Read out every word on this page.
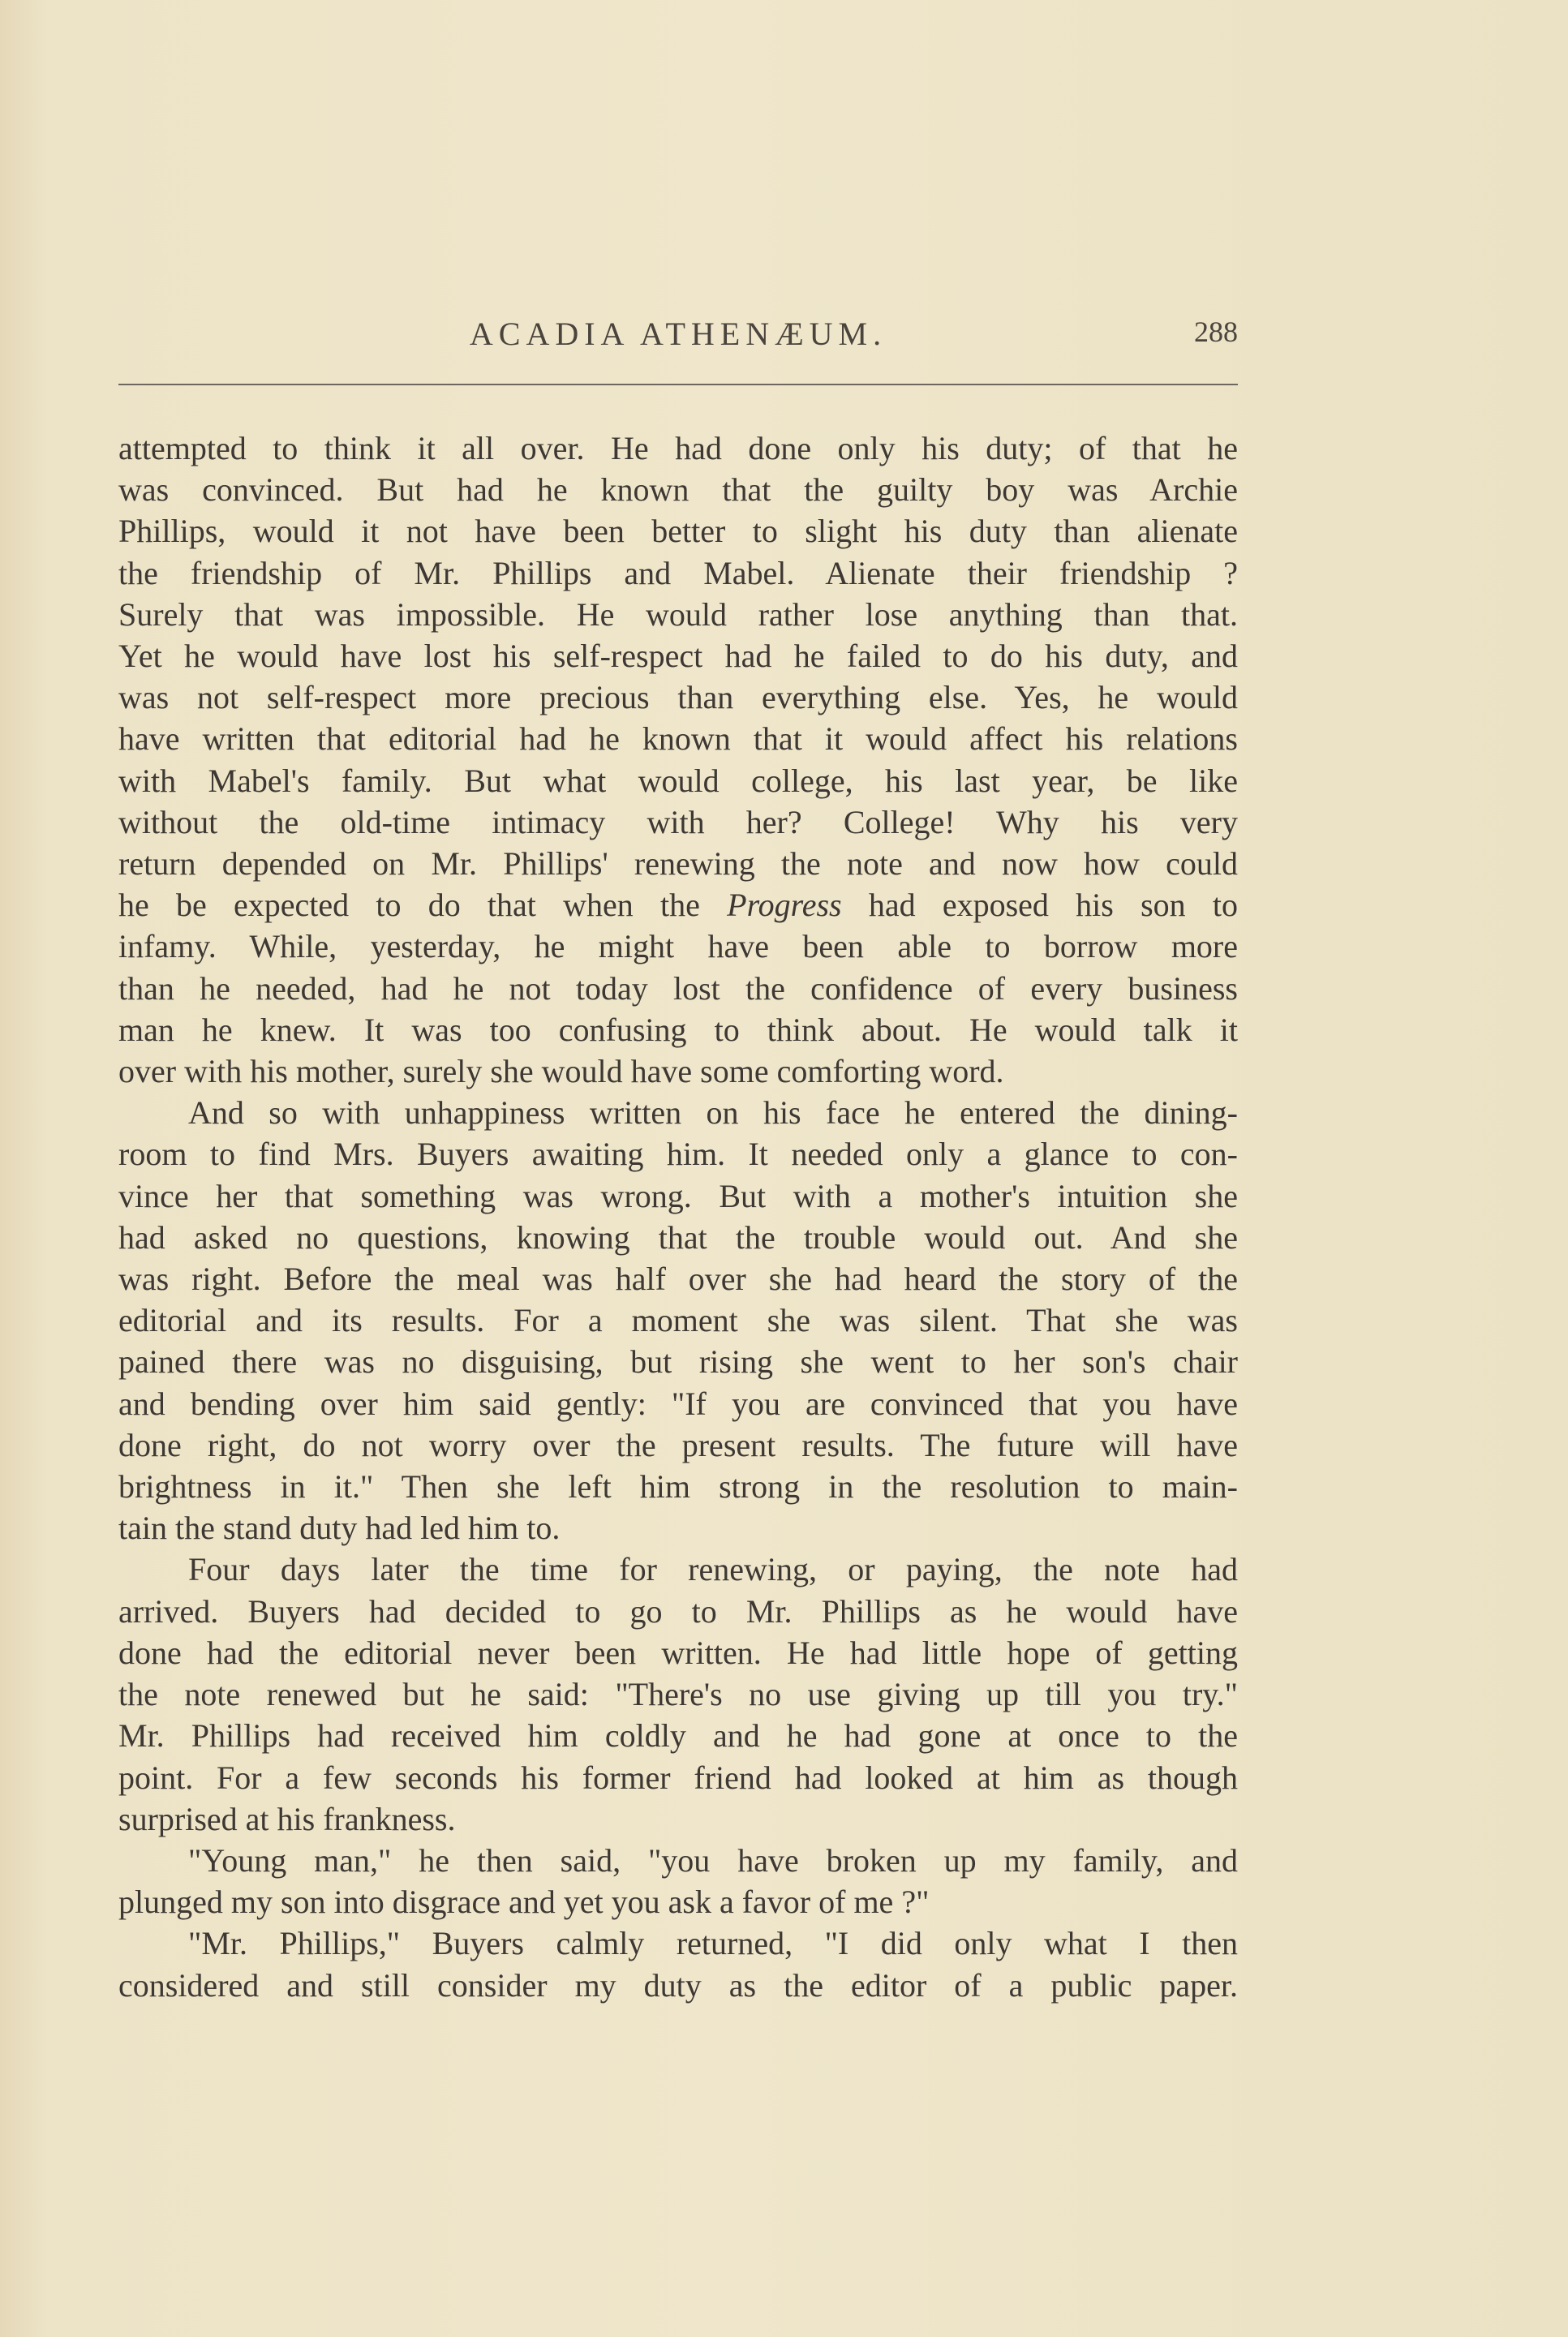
ACADIA ATHENÆUM.	288

attempted to think it all over. He had done only his duty; of that he

was convinced. But had he known that the guilty boy was Archie

Phillips, would it not have been better to slight his duty than alienate

the friendship of Mr. Phillips and Mabel. Alienate their friendship ?

Surely that was impossible. He would rather lose anything than that.

Yet he would have lost his self-respect had he failed to do his duty, and

was not self-respect more precious than everything else. Yes, he would

have written that editorial had he known that it would affect his relations

with Mabel's family. But what would college, his last year, be like

without the old-time intimacy with her? College! Why his very

return depended on Mr. Phillips' renewing the note and now how could

he be expected to do that when the Progress had exposed his son to

infamy. While, yesterday, he might have been able to borrow more

than he needed, had he not today lost the confidence of every business

man he knew. It was too confusing to think about. He would talk it

over with his mother, surely she would have some comforting word.

And so with unhappiness written on his face he entered the dining-

room to find Mrs. Buyers awaiting him. It needed only a glance to con-

vince her that something was wrong. But with a mother's intuition she

had asked no questions, knowing that the trouble would out. And she

was right. Before the meal was half over she had heard the story of the

editorial and its results. For a moment she was silent. That she was

pained there was no disguising, but rising she went to her son's chair

and bending over him said gently: "If you are convinced that you have

done right, do not worry over the present results. The future will have

brightness in it." Then she left him strong in the resolution to main-

tain the stand duty had led him to.

Four days later the time for renewing, or paying, the note had

arrived. Buyers had decided to go to Mr. Phillips as he would have

done had the editorial never been written. He had little hope of getting

the note renewed but he said: "There's no use giving up till you try."

Mr. Phillips had received him coldly and he had gone at once to the

point. For a few seconds his former friend had looked at him as though

surprised at his frankness.

"Young man," he then said, "you have broken up my family, and

plunged my son into disgrace and yet you ask a favor of me ?"

"Mr. Phillips," Buyers calmly returned, "I did only what I then

considered and still consider my duty as the editor of a public paper.
